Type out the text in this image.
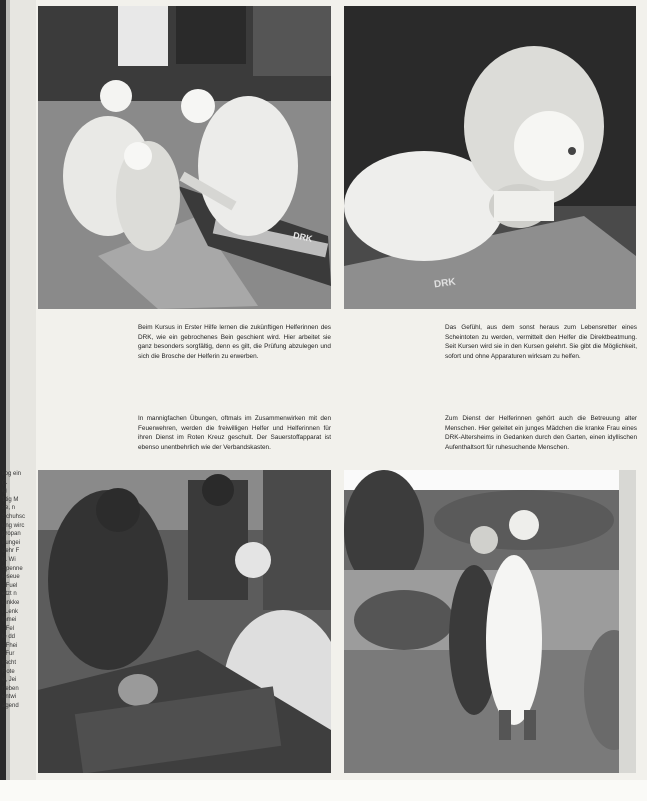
ilog ein
(1
ig
1tig M
se, n
Schuhsc
ung wirc
propan
irungei
dehr F
n. Wi
Spenne
ieseue
· Fuel
etzt n
iunkke
i Lenk
ihmei
· Fel
le dd
· Fhei
: Fur
ilacht
Rote
e, Jei
rieben
entwi
agend
DRK
DRK

Beim Kursus in Erster Hilfe lernen die zukünftigen Helferinnen des DRK, wie ein gebrochenes Bein geschient wird. Hier arbeitet sie ganz besonders sorgfältig, denn es gilt, die Prüfung abzulegen und sich die Brosche der Helferin zu erwerben.

Das Gefühl, aus dem sonst heraus zum Lebensretter eines Scheintoten zu werden, vermittelt den Helfer die Direktbeatmung. Seit Kursen wird sie in den Kursen gelehrt. Sie gibt die Möglichkeit, sofort und ohne Apparaturen wirksam zu helfen.

In mannigfachen Übungen, oftmals im Zusammenwirken mit den Feuerwehren, werden die freiwilligen Helfer und Helferinnen für ihren Dienst im Roten Kreuz geschult. Der Sauerstoffapparat ist ebenso unentbehrlich wie der Verbandskasten.

Zum Dienst der Helferinnen gehört auch die Betreuung alter Menschen. Hier geleitet ein junges Mädchen die kranke Frau eines DRK-Altersheims in Gedanken durch den Garten, einen idyllischen Aufenthaltsort für ruhesuchende Menschen.
